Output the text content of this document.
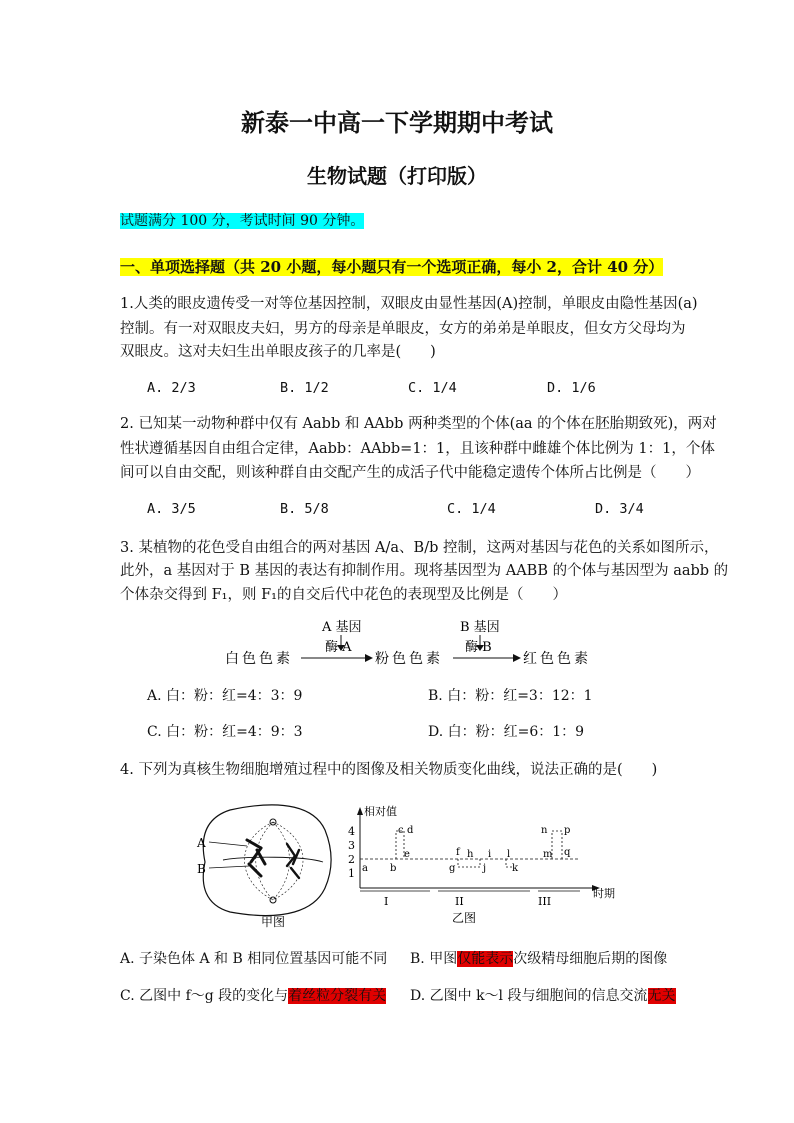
新泰一中高一下学期期中考试
生物试题（打印版）
试题满分 100 分，考试时间 90 分钟。
一、单项选择题（共 20 小题，每小题只有一个选项正确，每小 2，合计 40 分）
1.人类的眼皮遗传受一对等位基因控制，双眼皮由显性基因(A)控制，单眼皮由隐性基因(a)
控制。有一对双眼皮夫妇，男方的母亲是单眼皮，女方的弟弟是单眼皮，但女方父母均为
双眼皮。这对夫妇生出单眼皮孩子的几率是(　　)
A. 2/3	B. 1/2	C. 1/4	D. 1/6
2. 已知某一动物种群中仅有 Aabb 和 AAbb 两种类型的个体(aa 的个体在胚胎期致死)，两对
性状遵循基因自由组合定律，Aabb：AAbb=1：1，且该种群中雌雄个体比例为 1：1，个体
间可以自由交配，则该种群自由交配产生的成活子代中能稳定遗传个体所占比例是（　　）
A. 3/5	B. 5/8	C. 1/4	D. 3/4
3. 某植物的花色受自由组合的两对基因 A/a、B/b 控制，这两对基因与花色的关系如图所示，
此外，a 基因对于 B 基因的表达有抑制作用。现将基因型为 AABB 的个体与基因型为 aabb 的
个体杂交得到 F₁，则 F₁的自交后代中花色的表现型及比例是（　　）
A 基因
酶 A
白色色素	粉色色素
B 基因
酶 B
红色色素
A. 白：粉：红=4：3：9	B. 白：粉：红=3：12：1
C. 白：粉：红=4：9：3	D. 白：粉：红=6：1：9
4. 下列为真核生物细胞增殖过程中的图像及相关物质变化曲线，说法正确的是(　　)
A
B
甲图
相对值
时期
4
3
2
1 a b
c d
e	f
g
h i
j	k
l	m
n p
q
I	II	III
乙图
A. 子染色体 A 和 B 相同位置基因可能不同 B. 甲图仅能表示次级精母细胞后期的图像
C. 乙图中 f～g 段的变化与着丝粒分裂有关 D. 乙图中 k～l 段与细胞间的信息交流无关
